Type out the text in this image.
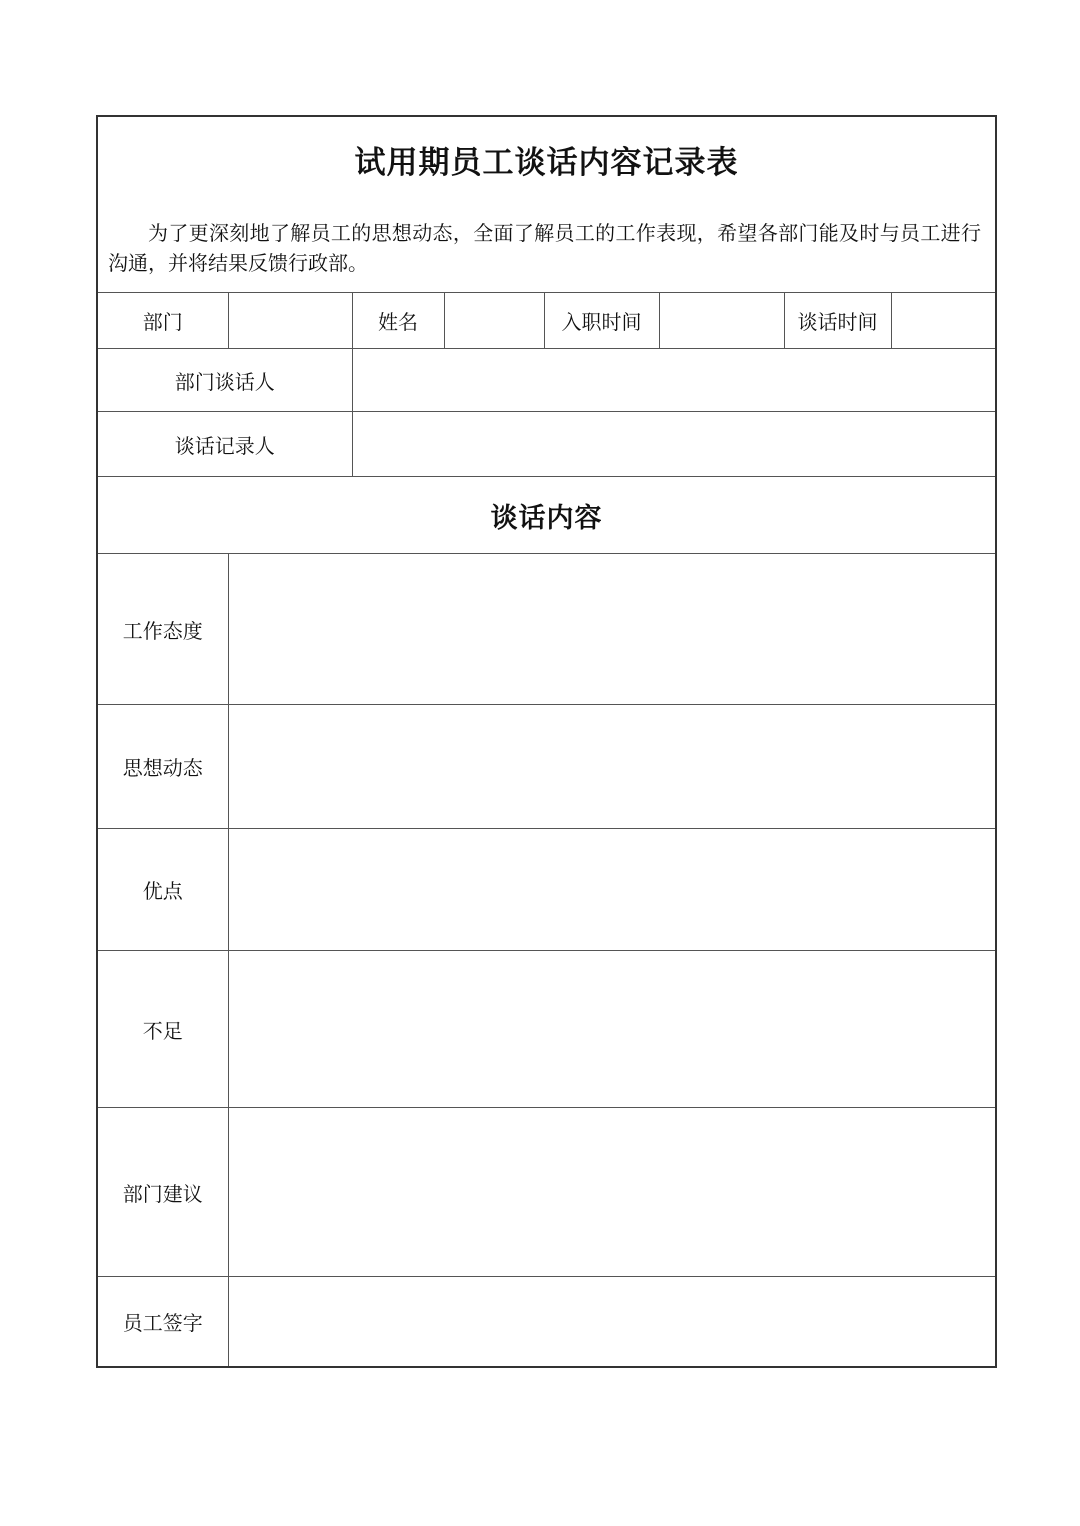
试用期员工谈话内容记录表
为了更深刻地了解员工的思想动态，全面了解员工的工作表现，希望各部门能及时与员工进行沟通，并将结果反馈行政部。							

部门		姓名		入职时间		谈话时间	
部门谈话人							
谈话记录人							
谈话内容							
工作态度							
思想动态							
优点							
不足							
部门建议							
员工签字							
